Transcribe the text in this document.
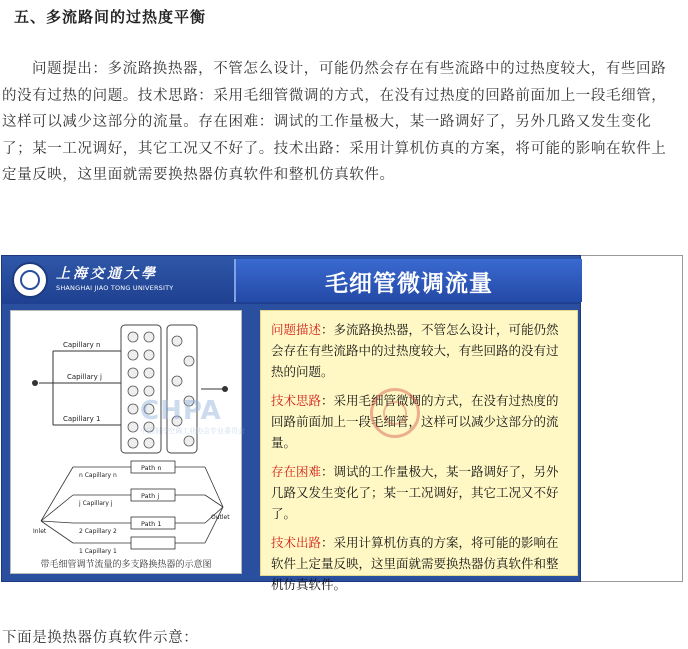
五、多流路间的过热度平衡
问题提出：多流路换热器，不管怎么设计，可能仍然会存在有些流路中的过热度较大，有些回路的没有过热的问题。技术思路：采用毛细管微调的方式，在没有过热度的回路前面加上一段毛细管，这样可以减少这部分的流量。存在困难：调试的工作量极大，某一路调好了，另外几路又发生变化了；某一工况调好，其它工况又不好了。技术出路：采用计算机仿真的方案，将可能的影响在软件上定量反映，这里面就需要换热器仿真软件和整机仿真软件。
上海交通大學
SHANGHAI JIAO TONG UNIVERSITY	毛细管微调流量
Capillary n
Capillary j
Capillary 1
Path n
Path j
Path 1
n Capillary n
j Capillary j
2 Capillary 2
1 Capillary 1
Inlet
Outlet
带毛细管调节流量的多支路换热器的示意图
问题描述：多流路换热器，不管怎么设计，可能仍然会存在有些流路中的过热度较大，有些回路的没有过热的问题。
技术思路：采用毛细管微调的方式，在没有过热度的回路前面加上一段毛细管，这样可以减少这部分的流量。
存在困难：调试的工作量极大，某一路调好了，另外几路又发生变化了；某一工况调好，其它工况又不好了。
技术出路：采用计算机仿真的方案，将可能的影响在软件上定量反映，这里面就需要换热器仿真软件和整机仿真软件。
CHPA
中国制冷空调工业协会专业委员会
下面是换热器仿真软件示意：
